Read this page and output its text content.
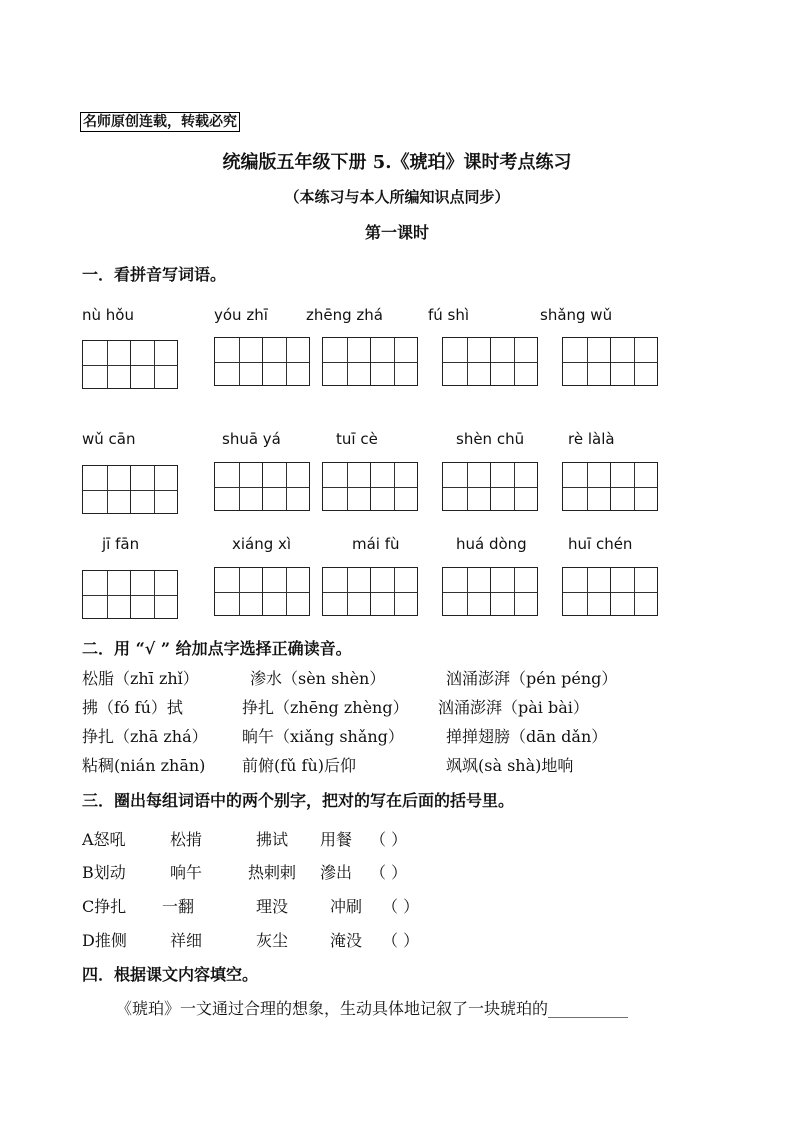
名师原创连载，转载必究
统编版五年级下册 5.《琥珀》课时考点练习
（本练习与本人所编知识点同步）
第一课时
一．看拼音写词语。
nù hǒu	yóu zhī	zhēng zhá	fú shì	shǎng wǔ
wǔ cān	shuā yá	tuī cè	shèn chū	rè làlà
jī fān	xiáng xì	mái fù	huá dòng	huī chén
二．用 “√ ” 给加点字选择正确读音。
松脂（zhī zhǐ）	渗水（sèn shèn）	汹涌澎湃（pén péng）
拂（fó fú）拭	挣扎（zhēng zhèng） 汹涌澎湃（pài bài）
挣扎（zhā zhá） 晌午（xiǎng shǎng）	掸掸翅膀（dān dǎn）
粘稠(nián zhān) 前俯(fǔ fù)后仰	飒飒(sà shà)地响
三．圈出每组词语中的两个别字，把对的写在后面的括号里。
A怒吼	松掯	拂试 用餐 （ ）
B划动	响午	热剌剌 滲出 （ ）
C挣扎 一翻	理没	冲刷 （ ）
D推侧	祥细	灰尘	淹没 （ ）
四．根据课文内容填空。
《琥珀》一文通过合理的想象，生动具体地记叙了一块琥珀的__________
